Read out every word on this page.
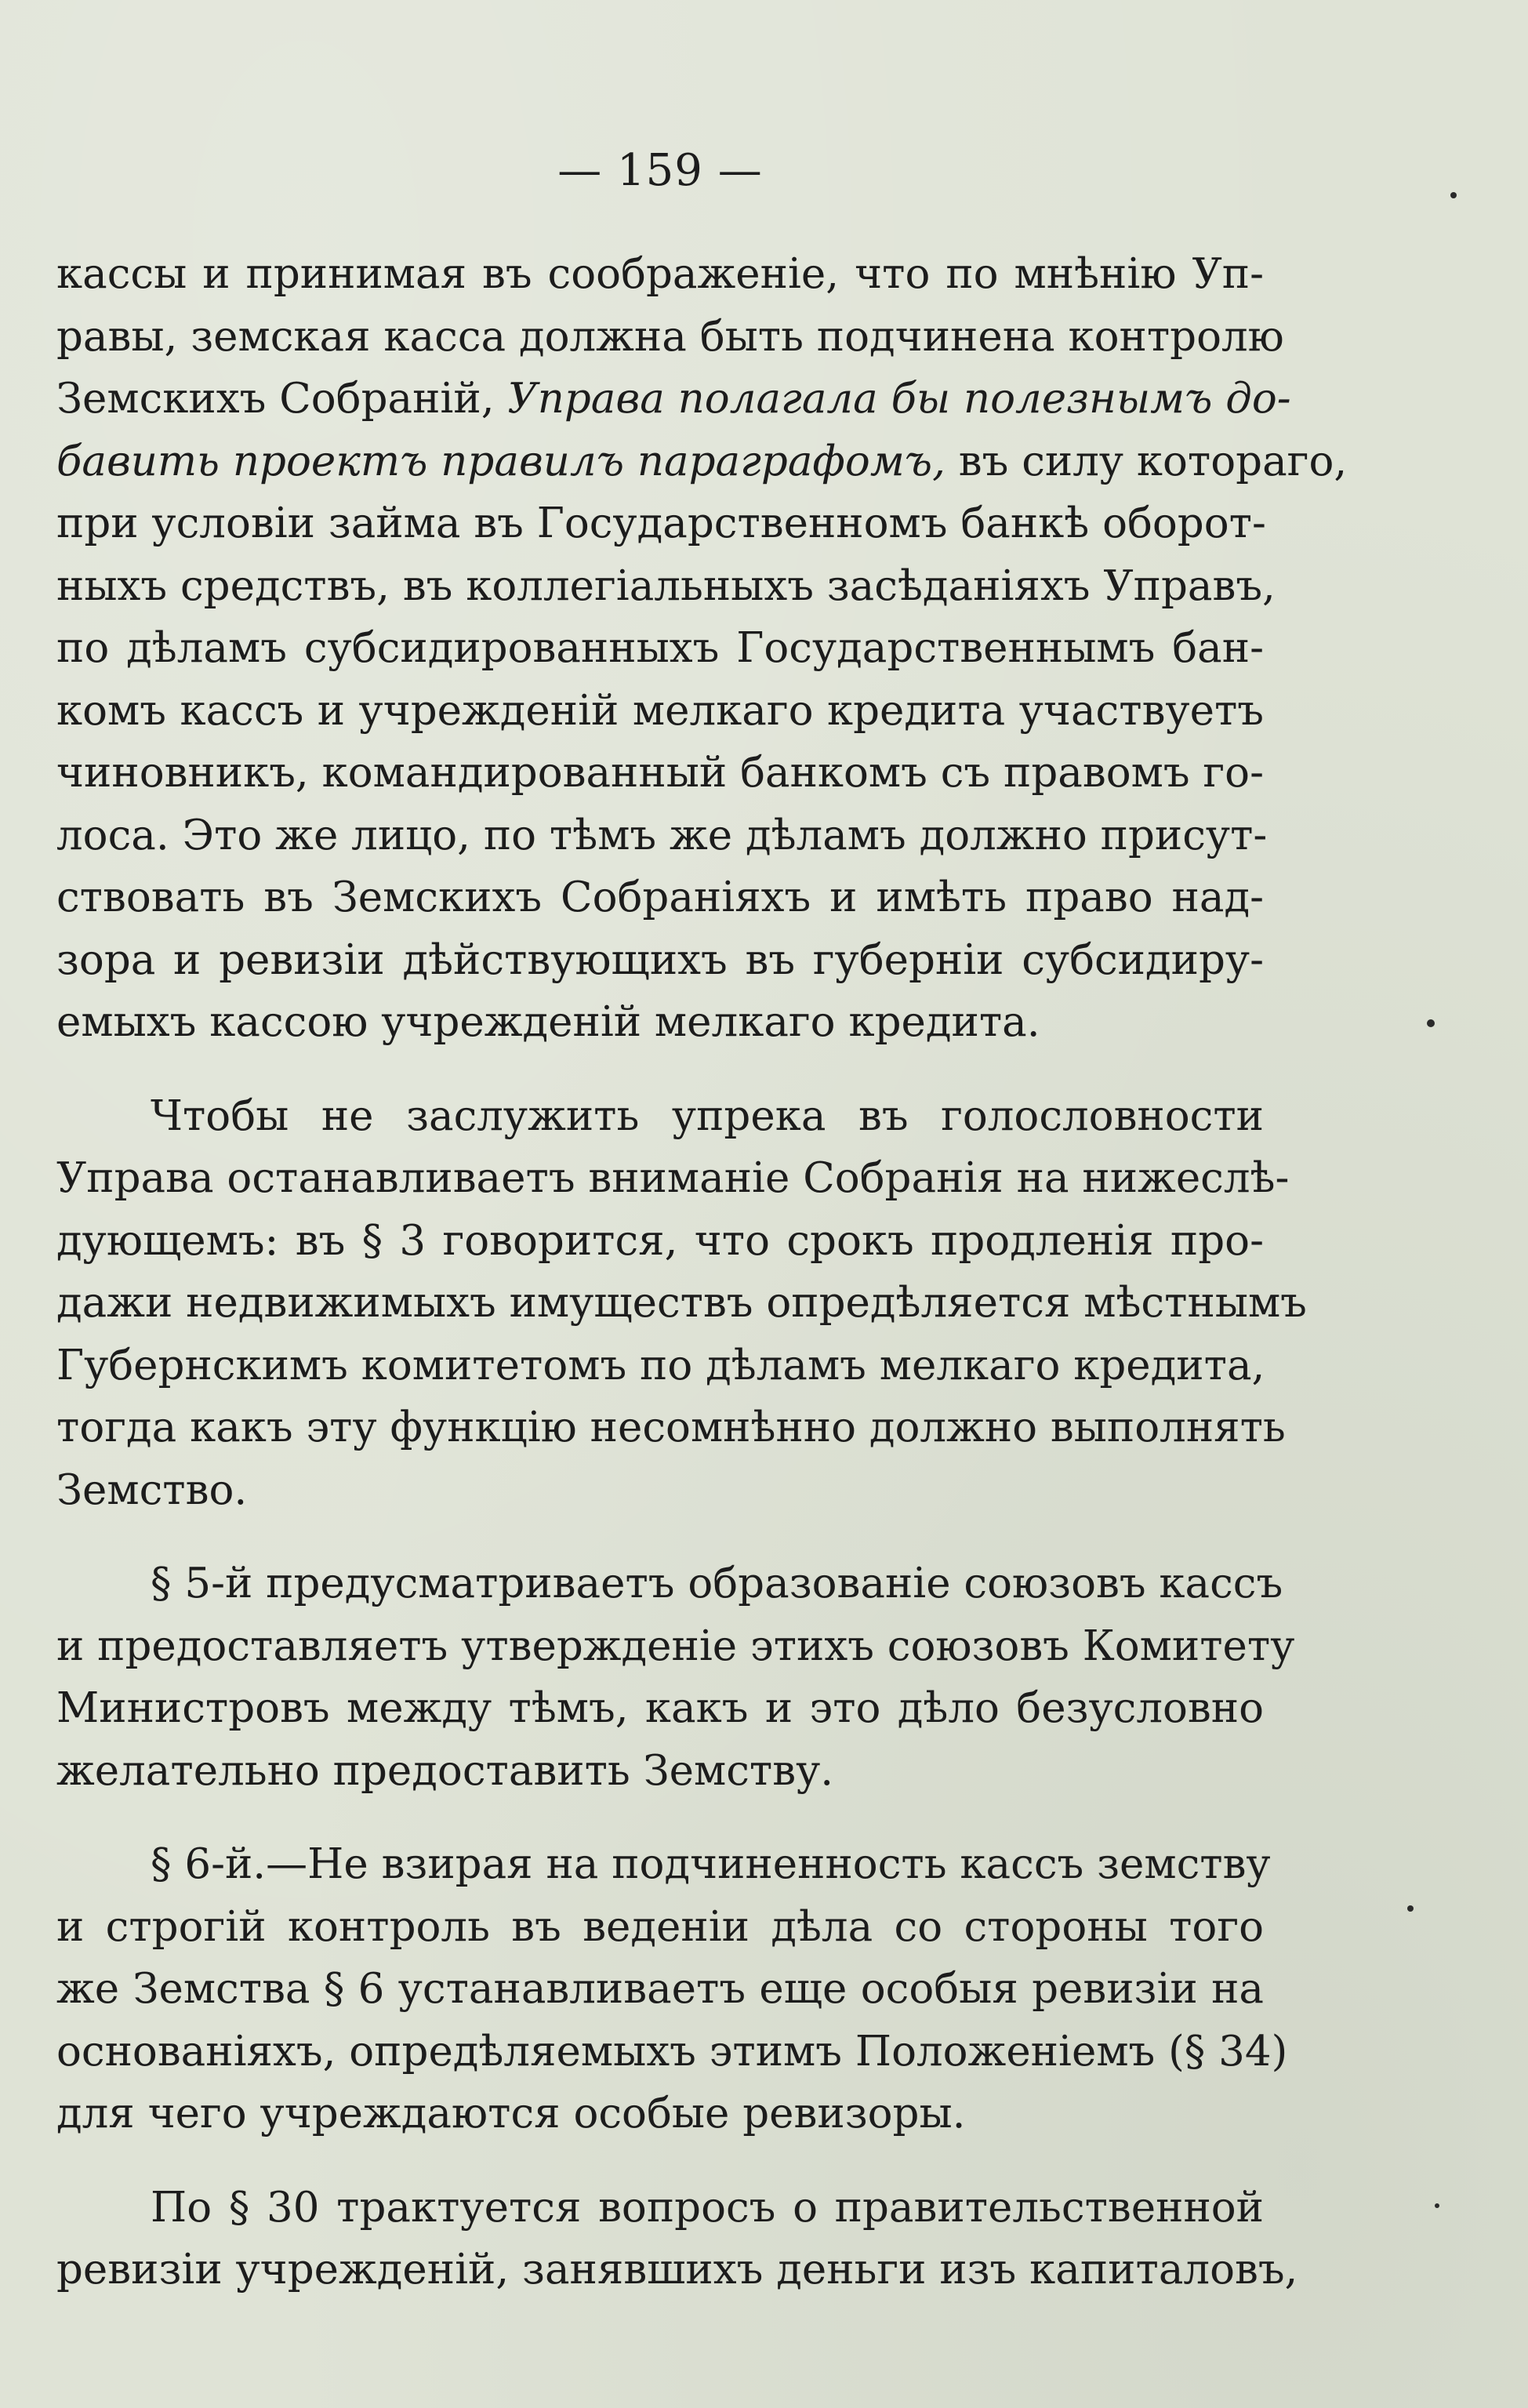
— 159 —
кассы и принимая въ соображенiе, что по мнѣнiю Уп-
равы, земская касса должна быть подчинена контролю
Земскихъ Собранiй, Управа полагала бы полезнымъ до-
бавить проектъ правилъ параграфомъ, въ силу котораго,
при условiи займа въ Государственномъ банкѣ оборот-
ныхъ средствъ, въ коллегiальныхъ засѣданiяхъ Управъ,
по дѣламъ субсидированныхъ Государственнымъ бан-
комъ кассъ и учрежденiй мелкаго кредита участвуетъ
чиновникъ, командированный банкомъ съ правомъ го-
лоса. Это же лицо, по тѣмъ же дѣламъ должно присут-
ствовать въ Земскихъ Собранiяхъ и имѣть право над-
зора и ревизiи дѣйствующихъ въ губернiи субсидиру-
емыхъ кассою учрежденiй мелкаго кредита.
Чтобы не заслужить упрека въ голословности
Управа останавливаетъ вниманiе Собранiя на нижеслѣ-
дующемъ: въ § 3 говорится, что срокъ продленiя про-
дажи недвижимыхъ имуществъ опредѣляется мѣстнымъ
Губернскимъ комитетомъ по дѣламъ мелкаго кредита,
тогда какъ эту функцiю несомнѣнно должно выполнять
Земство.
§ 5-й предусматриваетъ образованiе союзовъ кассъ
и предоставляетъ утвержденiе этихъ союзовъ Комитету
Министровъ между тѣмъ, какъ и это дѣло безусловно
желательно предоставить Земству.
§ 6-й.—Не взирая на подчиненность кассъ земству
и строгiй контроль въ веденiи дѣла со стороны того
же Земства § 6 устанавливаетъ еще особыя ревизiи на
основанiяхъ, опредѣляемыхъ этимъ Положенiемъ (§ 34)
для чего учреждаются особые ревизоры.
По § 30 трактуется вопросъ о правительственной
ревизiи учрежденiй, занявшихъ деньги изъ капиталовъ,
